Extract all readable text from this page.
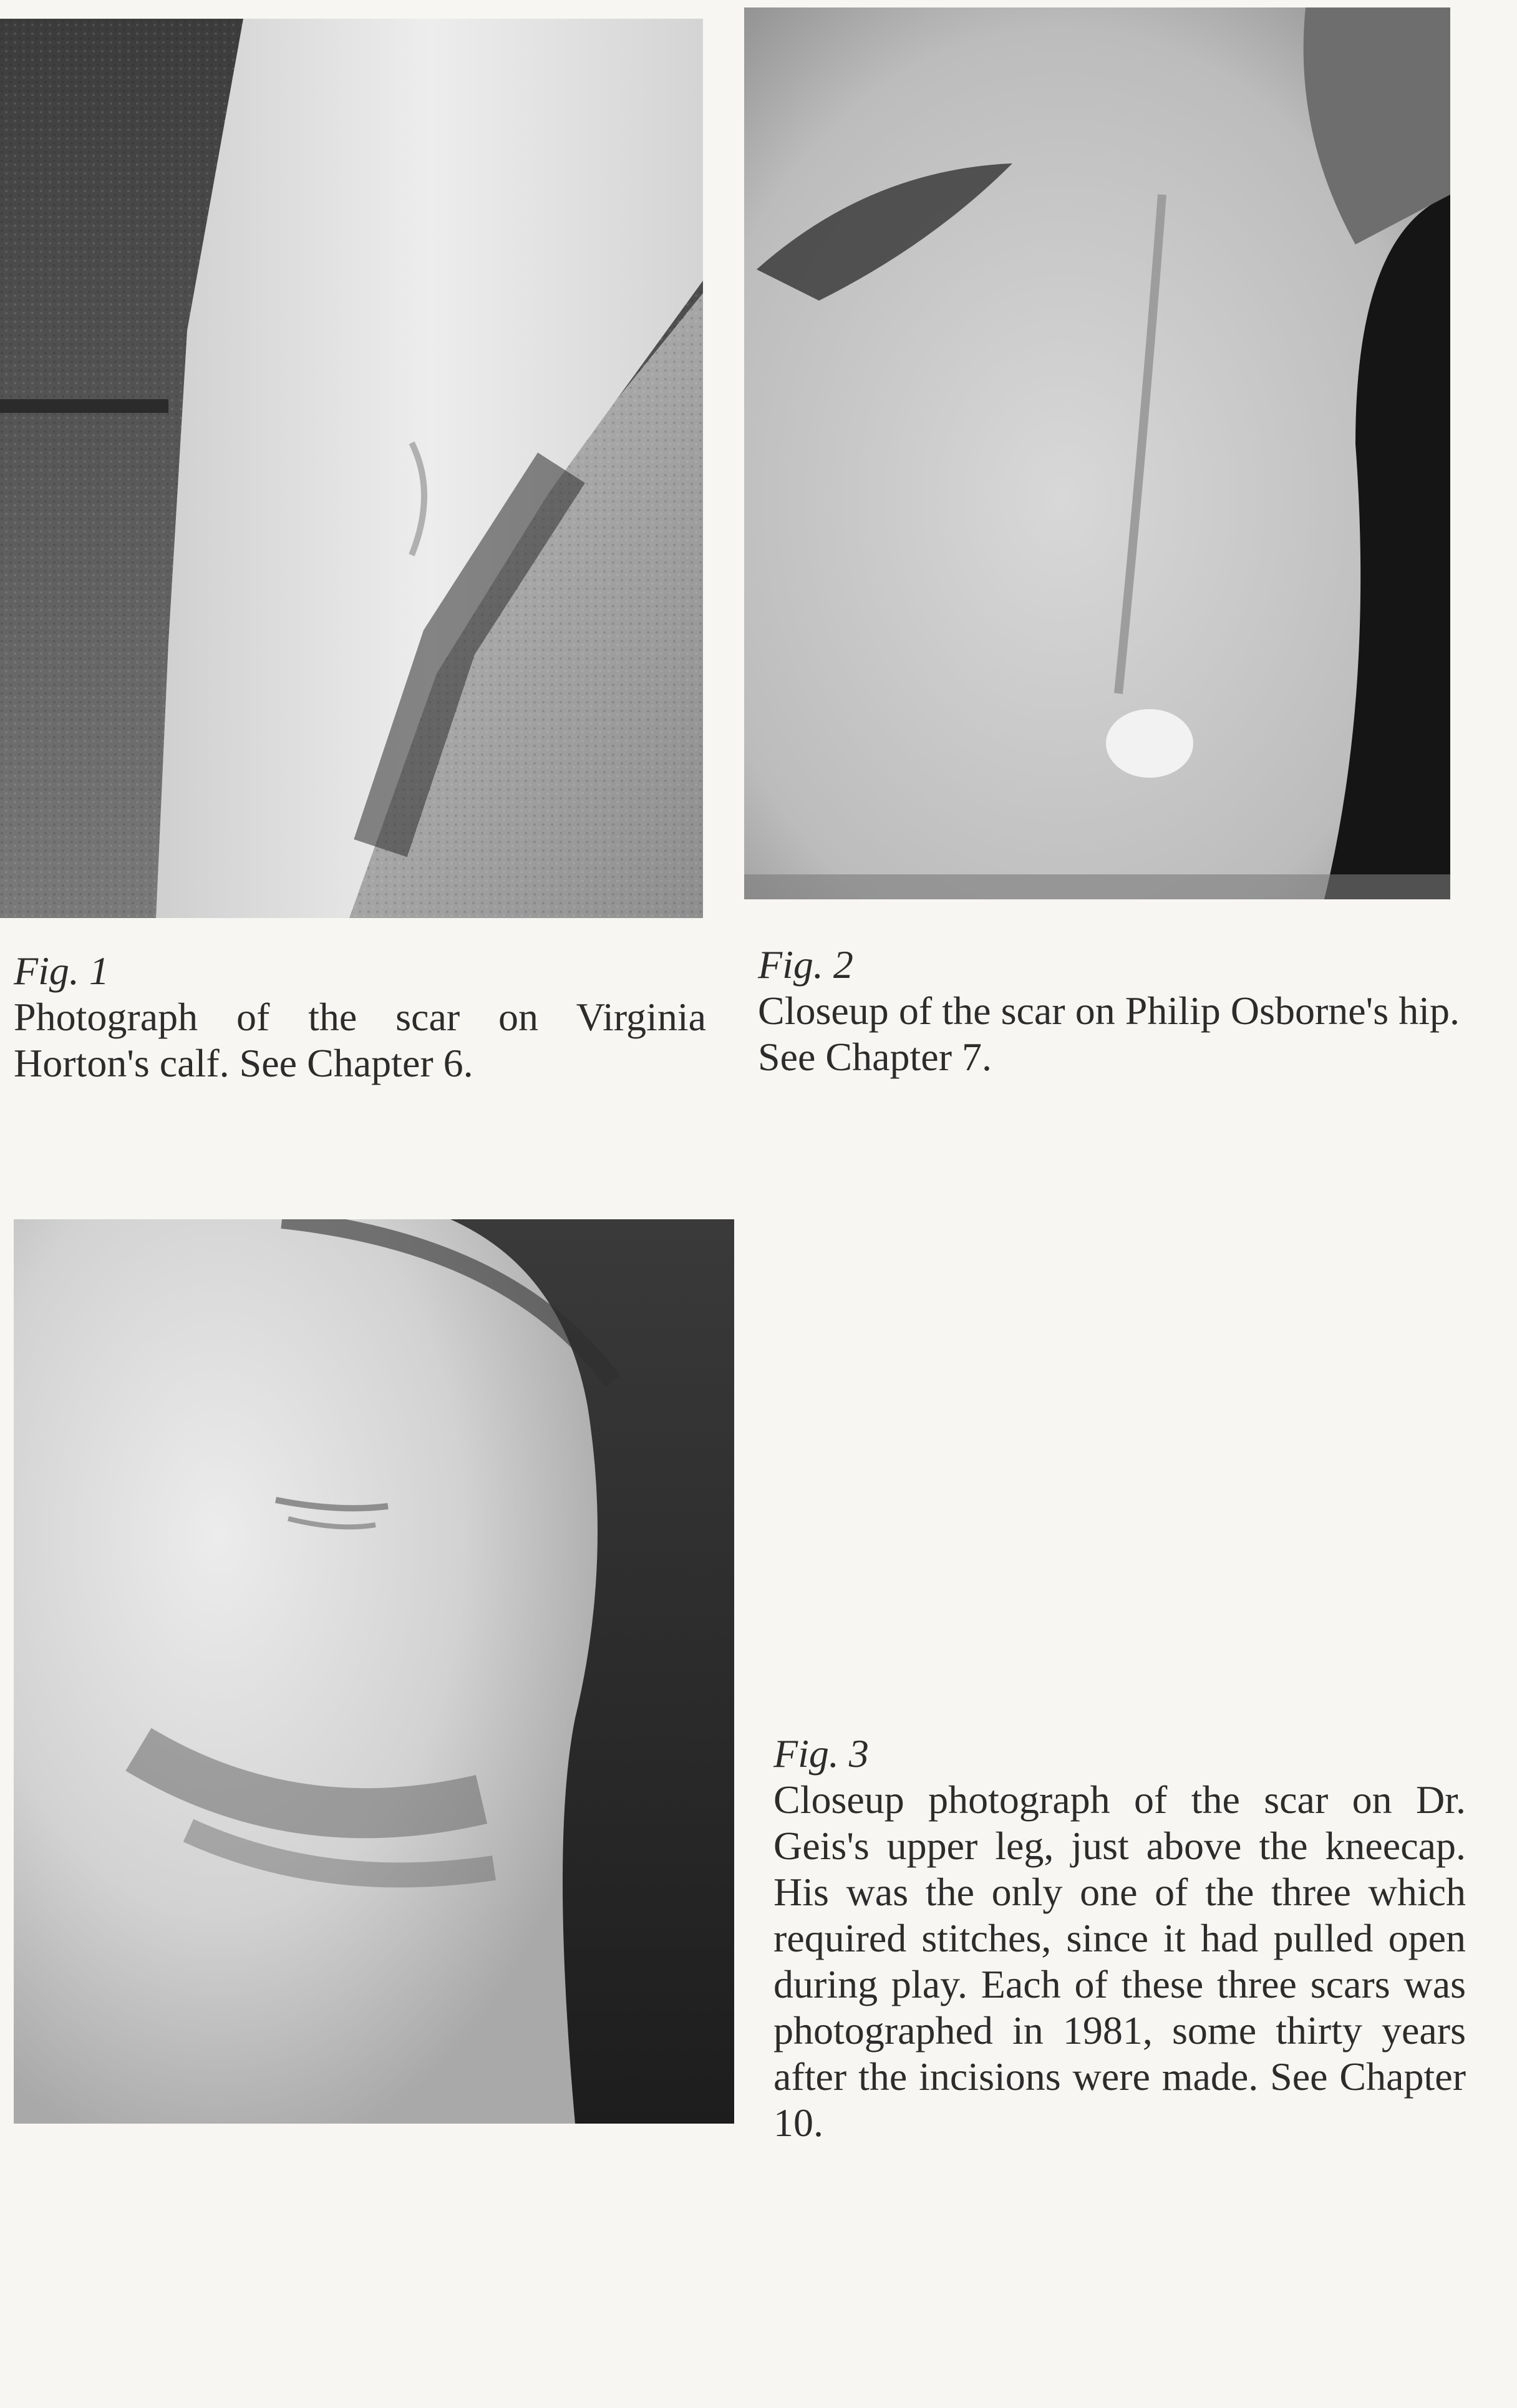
Fig. 1
Photograph of the scar on Virginia Horton's calf. See Chapter 6.
Fig. 2
Closeup of the scar on Philip Osborne's hip. See Chapter 7.
Fig. 3
Closeup photograph of the scar on Dr. Geis's upper leg, just above the kneecap. His was the only one of the three which required stitches, since it had pulled open during play. Each of these three scars was photographed in 1981, some thirty years after the incisions were made. See Chapter 10.
